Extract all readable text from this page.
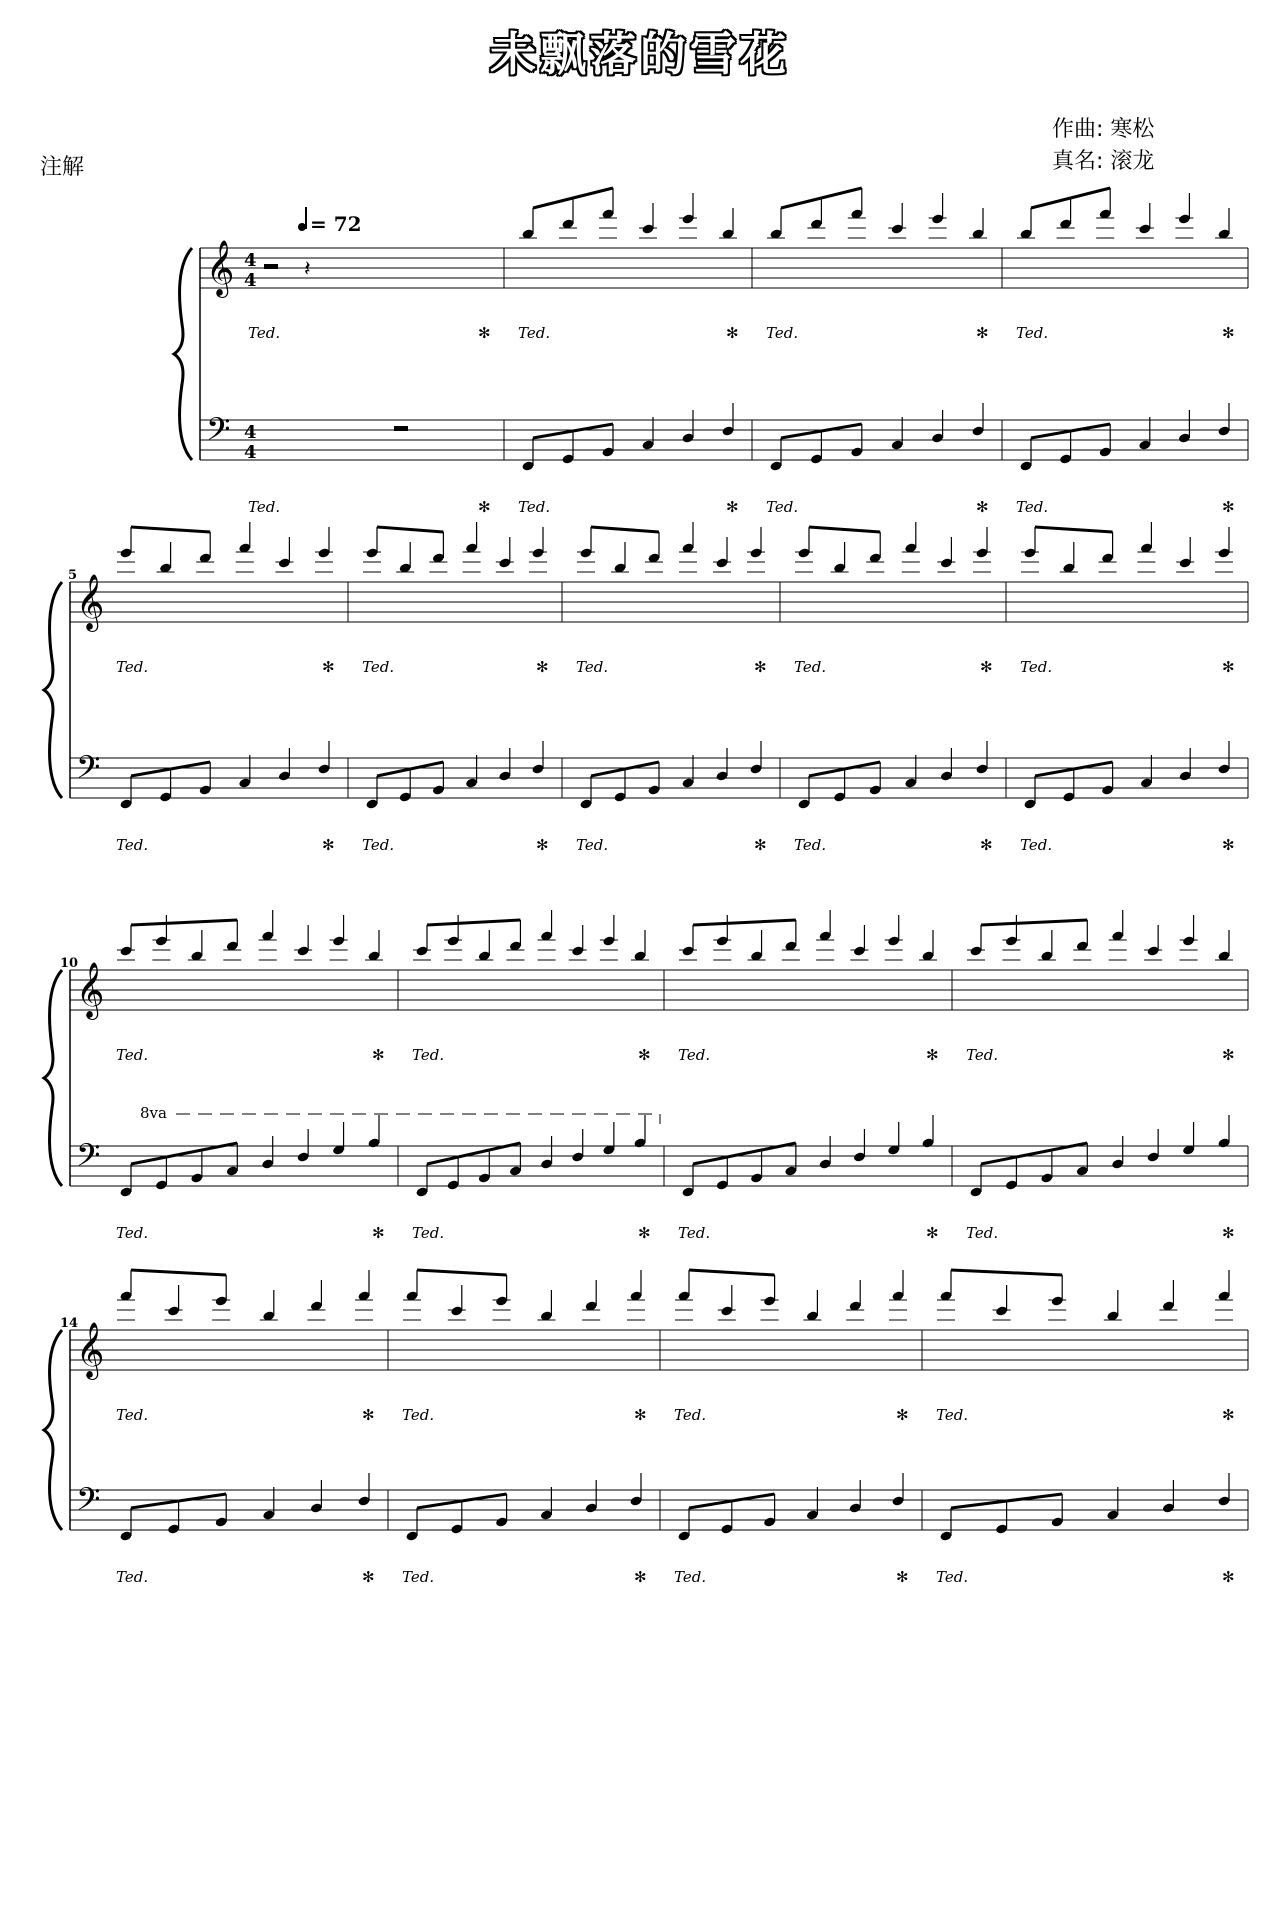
未飘落的雪花
注解
作曲: 寒松
真名: 滚龙
= 72
5
10
14
𝄞
𝄢
4
4
4
4
𝄽
Ted.	✻
Ted.	✻
Ted.	✻
Ted.	✻
Ted.	✻
Ted.	✻
Ted.	✻
Ted.	✻
𝄞
𝄢
Ted.	✻
Ted.	✻
Ted.	✻
Ted.	✻
Ted.	✻
Ted.	✻
Ted.	✻
Ted.	✻
Ted.	✻
Ted.	✻
𝄞
𝄢
Ted.	✻
Ted.	✻
Ted.	✻
Ted.	✻
Ted.	✻
Ted.	✻
Ted.	✻
Ted.	✻
8va
𝄞
𝄢
Ted.	✻
Ted.	✻
Ted.	✻
Ted.	✻
Ted.	✻
Ted.	✻
Ted.	✻
Ted.	✻
